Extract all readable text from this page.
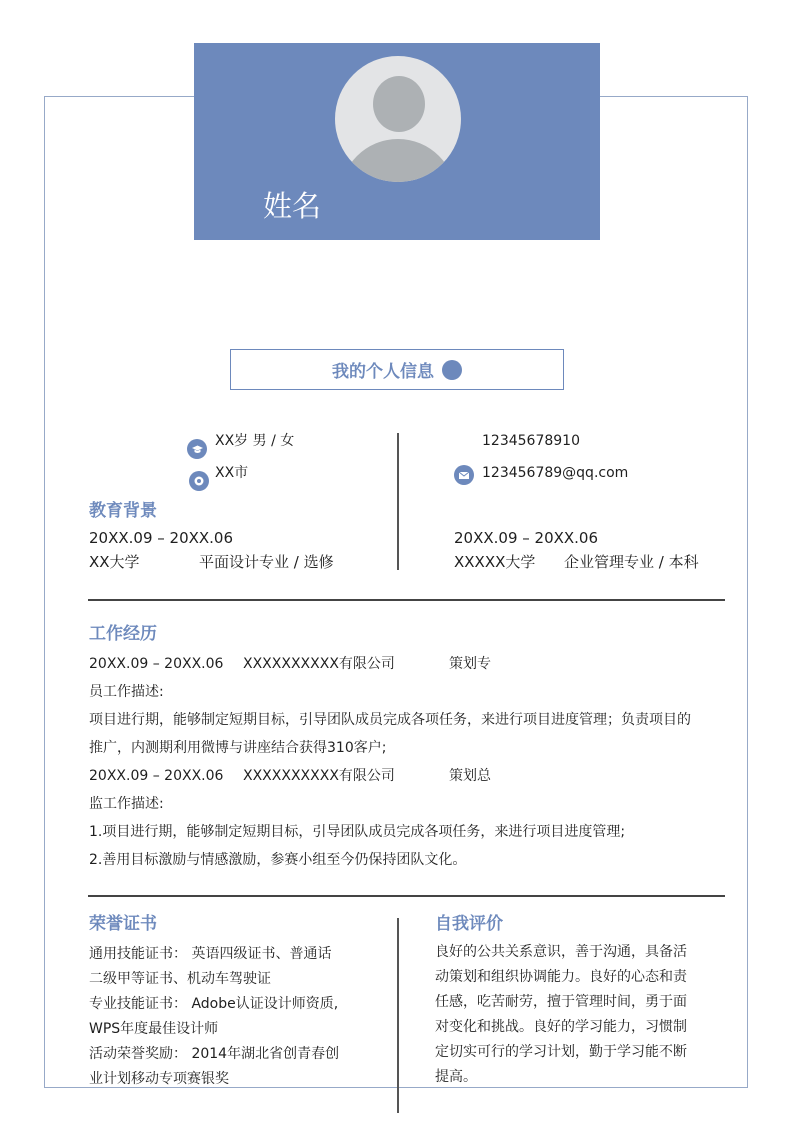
姓名
我的个人信息
XX岁 男 / 女
XX市
12345678910
123456789@qq.com
教育背景
20XX.09 – 20XX.06
XX大学	平面设计专业 / 选修
20XX.09 – 20XX.06
XXXXX大学 企业管理专业 / 本科
工作经历
20XX.09 – 20XX.06 XXXXXXXXXX有限公司	策划专
员工作描述:
项目进行期，能够制定短期目标，引导团队成员完成各项任务，来进行项目进度管理；负责项目的
推广，内测期利用微博与讲座结合获得310客户;
20XX.09 – 20XX.06 XXXXXXXXXX有限公司	策划总
监工作描述:
1.项目进行期，能够制定短期目标，引导团队成员完成各项任务，来进行项目进度管理;
2.善用目标激励与情感激励，参赛小组至今仍保持团队文化。
荣誉证书
通用技能证书： 英语四级证书、普通话
二级甲等证书、机动车驾驶证
专业技能证书： Adobe认证设计师资质,
WPS年度最佳设计师
活动荣誉奖励： 2014年湖北省创青春创
业计划移动专项赛银奖
自我评价
良好的公共关系意识，善于沟通，具备活
动策划和组织协调能力。良好的心态和责
任感，吃苦耐劳，擅于管理时间，勇于面
对变化和挑战。良好的学习能力，习惯制
定切实可行的学习计划，勤于学习能不断
提高。
